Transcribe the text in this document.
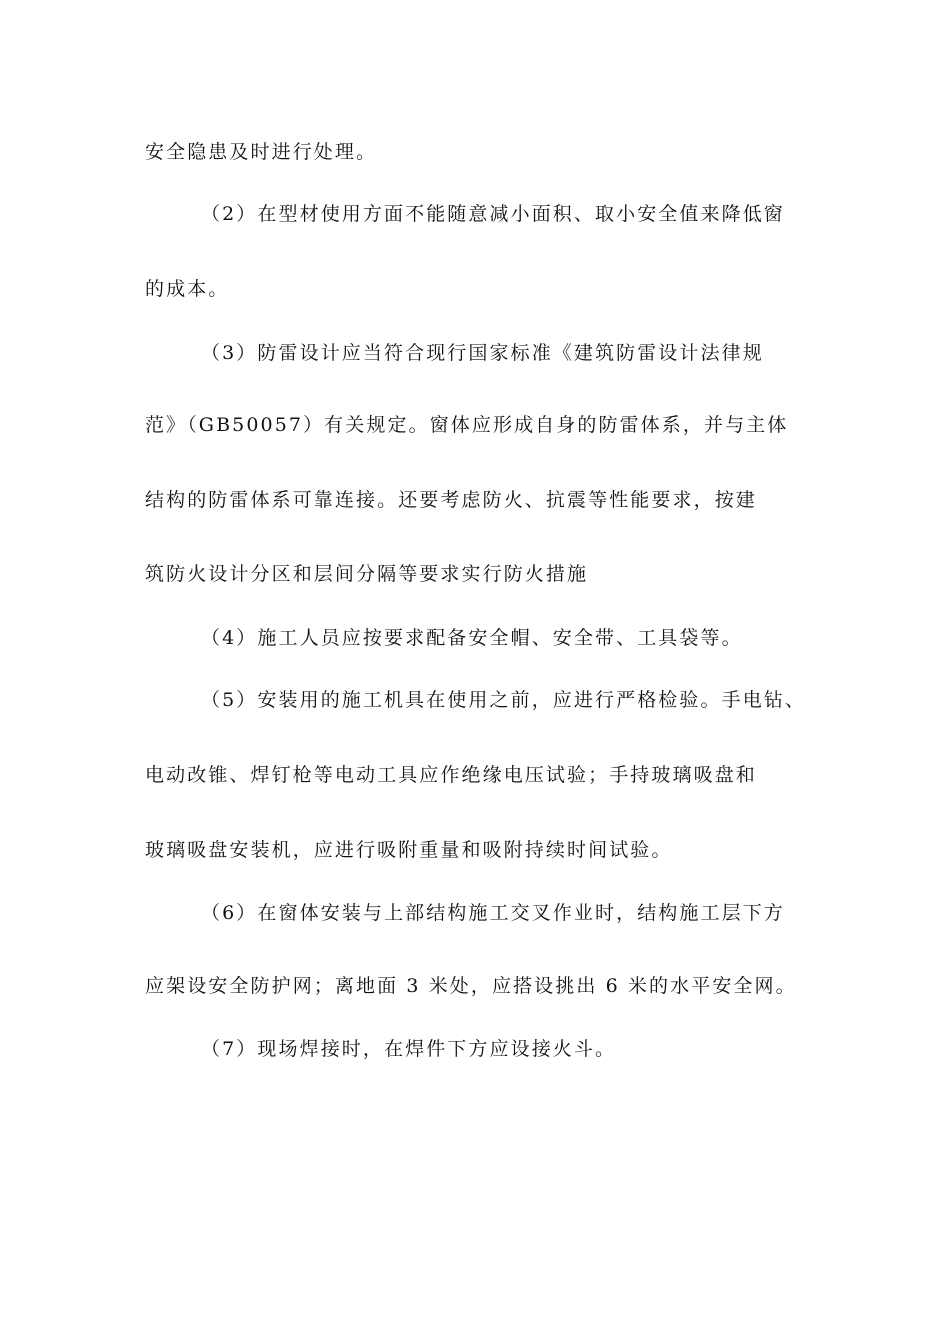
安全隐患及时进行处理。
（2）在型材使用方面不能随意减小面积、取小安全值来降低窗
的成本。
（3）防雷设计应当符合现行国家标准《建筑防雷设计法律规
范》（GB50057）有关规定。窗体应形成自身的防雷体系，并与主体
结构的防雷体系可靠连接。还要考虑防火、抗震等性能要求，按建
筑防火设计分区和层间分隔等要求实行防火措施
（4）施工人员应按要求配备安全帽、安全带、工具袋等。
（5）安装用的施工机具在使用之前，应进行严格检验。手电钻、
电动改锥、焊钉枪等电动工具应作绝缘电压试验；手持玻璃吸盘和
玻璃吸盘安装机，应进行吸附重量和吸附持续时间试验。
（6）在窗体安装与上部结构施工交叉作业时，结构施工层下方
应架设安全防护网；离地面 3 米处，应搭设挑出 6 米的水平安全网。
（7）现场焊接时，在焊件下方应设接火斗。
